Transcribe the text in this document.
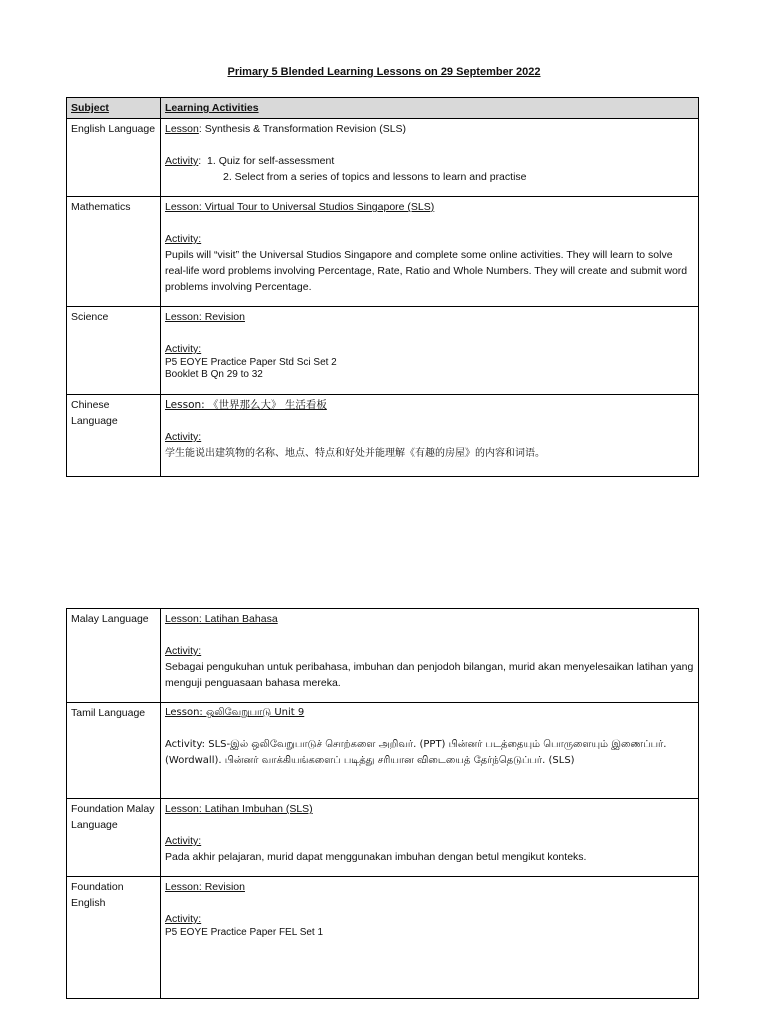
Primary 5 Blended Learning Lessons on 29 September 2022
Subject	Learning Activities
English Language	Lesson: Synthesis & Transformation Revision (SLS)
Activity:  1. Quiz for self-assessment
2. Select from a series of topics and lessons to learn and practise

Mathematics	Lesson: Virtual Tour to Universal Studios Singapore (SLS)
Activity:
Pupils will “visit” the Universal Studios Singapore and complete some online activities. They will learn to solve real-life word problems involving Percentage, Rate, Ratio and Whole Numbers. They will create and submit word problems involving Percentage.
Science	Lesson: Revision
Activity:
P5 EOYE Practice Paper Std Sci Set 2
Booklet B Qn 29 to 32

Chinese Language	Lesson: 《世界那么大》 生活看板
Activity:
学生能说出建筑物的名称、地点、特点和好处并能理解《有趣的房屋》的内容和词语。
Malay Language	Lesson: Latihan Bahasa
Activity:
Sebagai pengukuhan untuk peribahasa, imbuhan dan penjodoh bilangan, murid akan menyelesaikan latihan yang menguji penguasaan bahasa mereka.
Tamil Language	Lesson: ஒலிவேறுபாடு Unit 9
Activity: SLS-இல் ஒலிவேறுபாடுச் சொற்களை அறிவர். (PPT) பின்னர் படத்தையும் பொருளையும் இணைப்பர். (Wordwall). பின்னர் வாக்கியங்களைப் படித்து சரியான விடையைத் தேர்ந்தெடுப்பர். (SLS)

Foundation Malay Language	Lesson: Latihan Imbuhan (SLS)
Activity:
Pada akhir pelajaran, murid dapat menggunakan imbuhan dengan betul mengikut konteks.
Foundation English	Lesson: Revision
Activity:
P5 EOYE Practice Paper FEL Set 1
